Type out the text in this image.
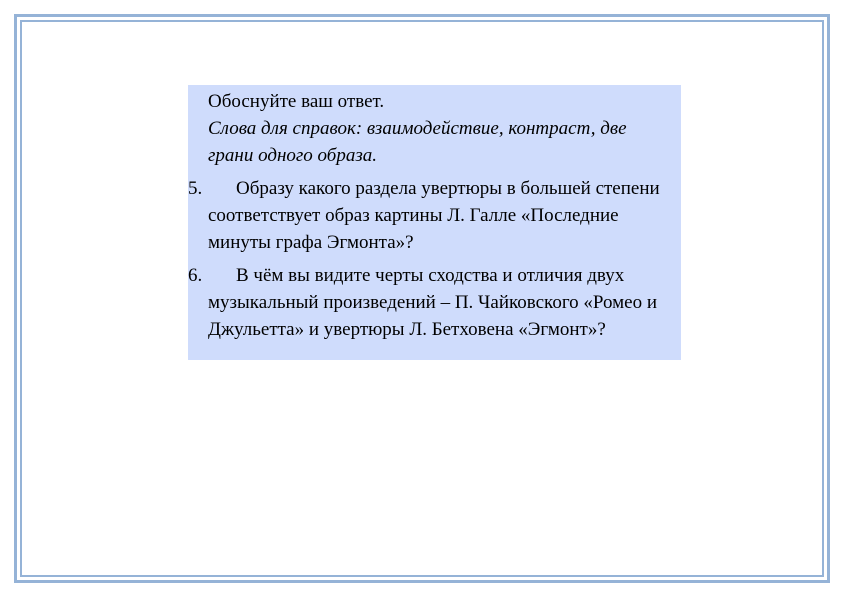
Обоснуйте ваш ответ.
Слова для справок: взаимодействие, контраст, две грани одного образа.
5.	Образу какого раздела увертюры в большей степени соответствует образ картины Л. Галле «Последние минуты графа Эгмонта»?
6.	В чём вы видите черты сходства и отличия двух музыкальный произведений – П. Чайковского «Ромео и Джульетта» и увертюры Л. Бетховена «Эгмонт»?
